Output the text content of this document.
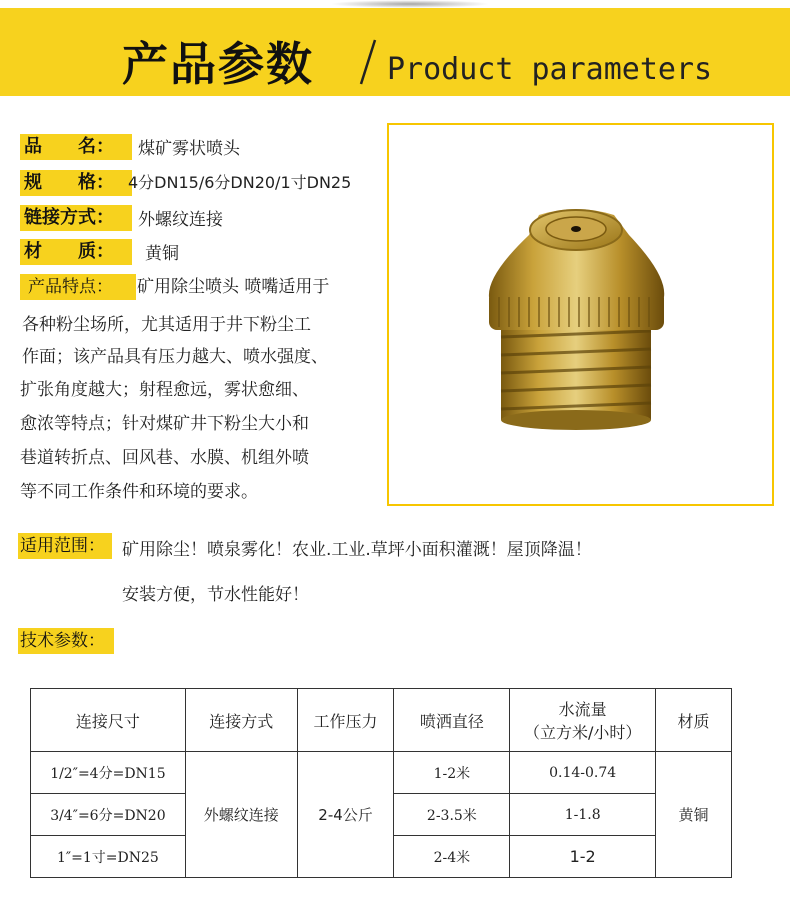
产品参数 Product parameters
品　　名：	煤矿雾状喷头
规　　格： 4分DN15/6分DN20/1寸DN25
链接方式：	外螺纹连接
材　　质：	黄铜
产品特点：	矿用除尘喷头 喷嘴适用于
各种粉尘场所，尤其适用于井下粉尘工
作面；该产品具有压力越大、喷水强度、
扩张角度越大；射程愈远，雾状愈细、
愈浓等特点；针对煤矿井下粉尘大小和
巷道转折点、回风巷、水膜、机组外喷
等不同工作条件和环境的要求。
适用范围：	矿用除尘！喷泉雾化！农业.工业.草坪小面积灌溉！屋顶降温！
安装方便，节水性能好！
技术参数：
连接尺寸	连接方式	工作压力	喷洒直径	水流量
（立方米/小时）	材质
1/2″=4分=DN15	外螺纹连接	2-4公斤	1-2米	0.14-0.74	黄铜
3/4″=6分=DN20			2-3.5米	1-1.8	
1″=1寸=DN25			2-4米	1-2	
